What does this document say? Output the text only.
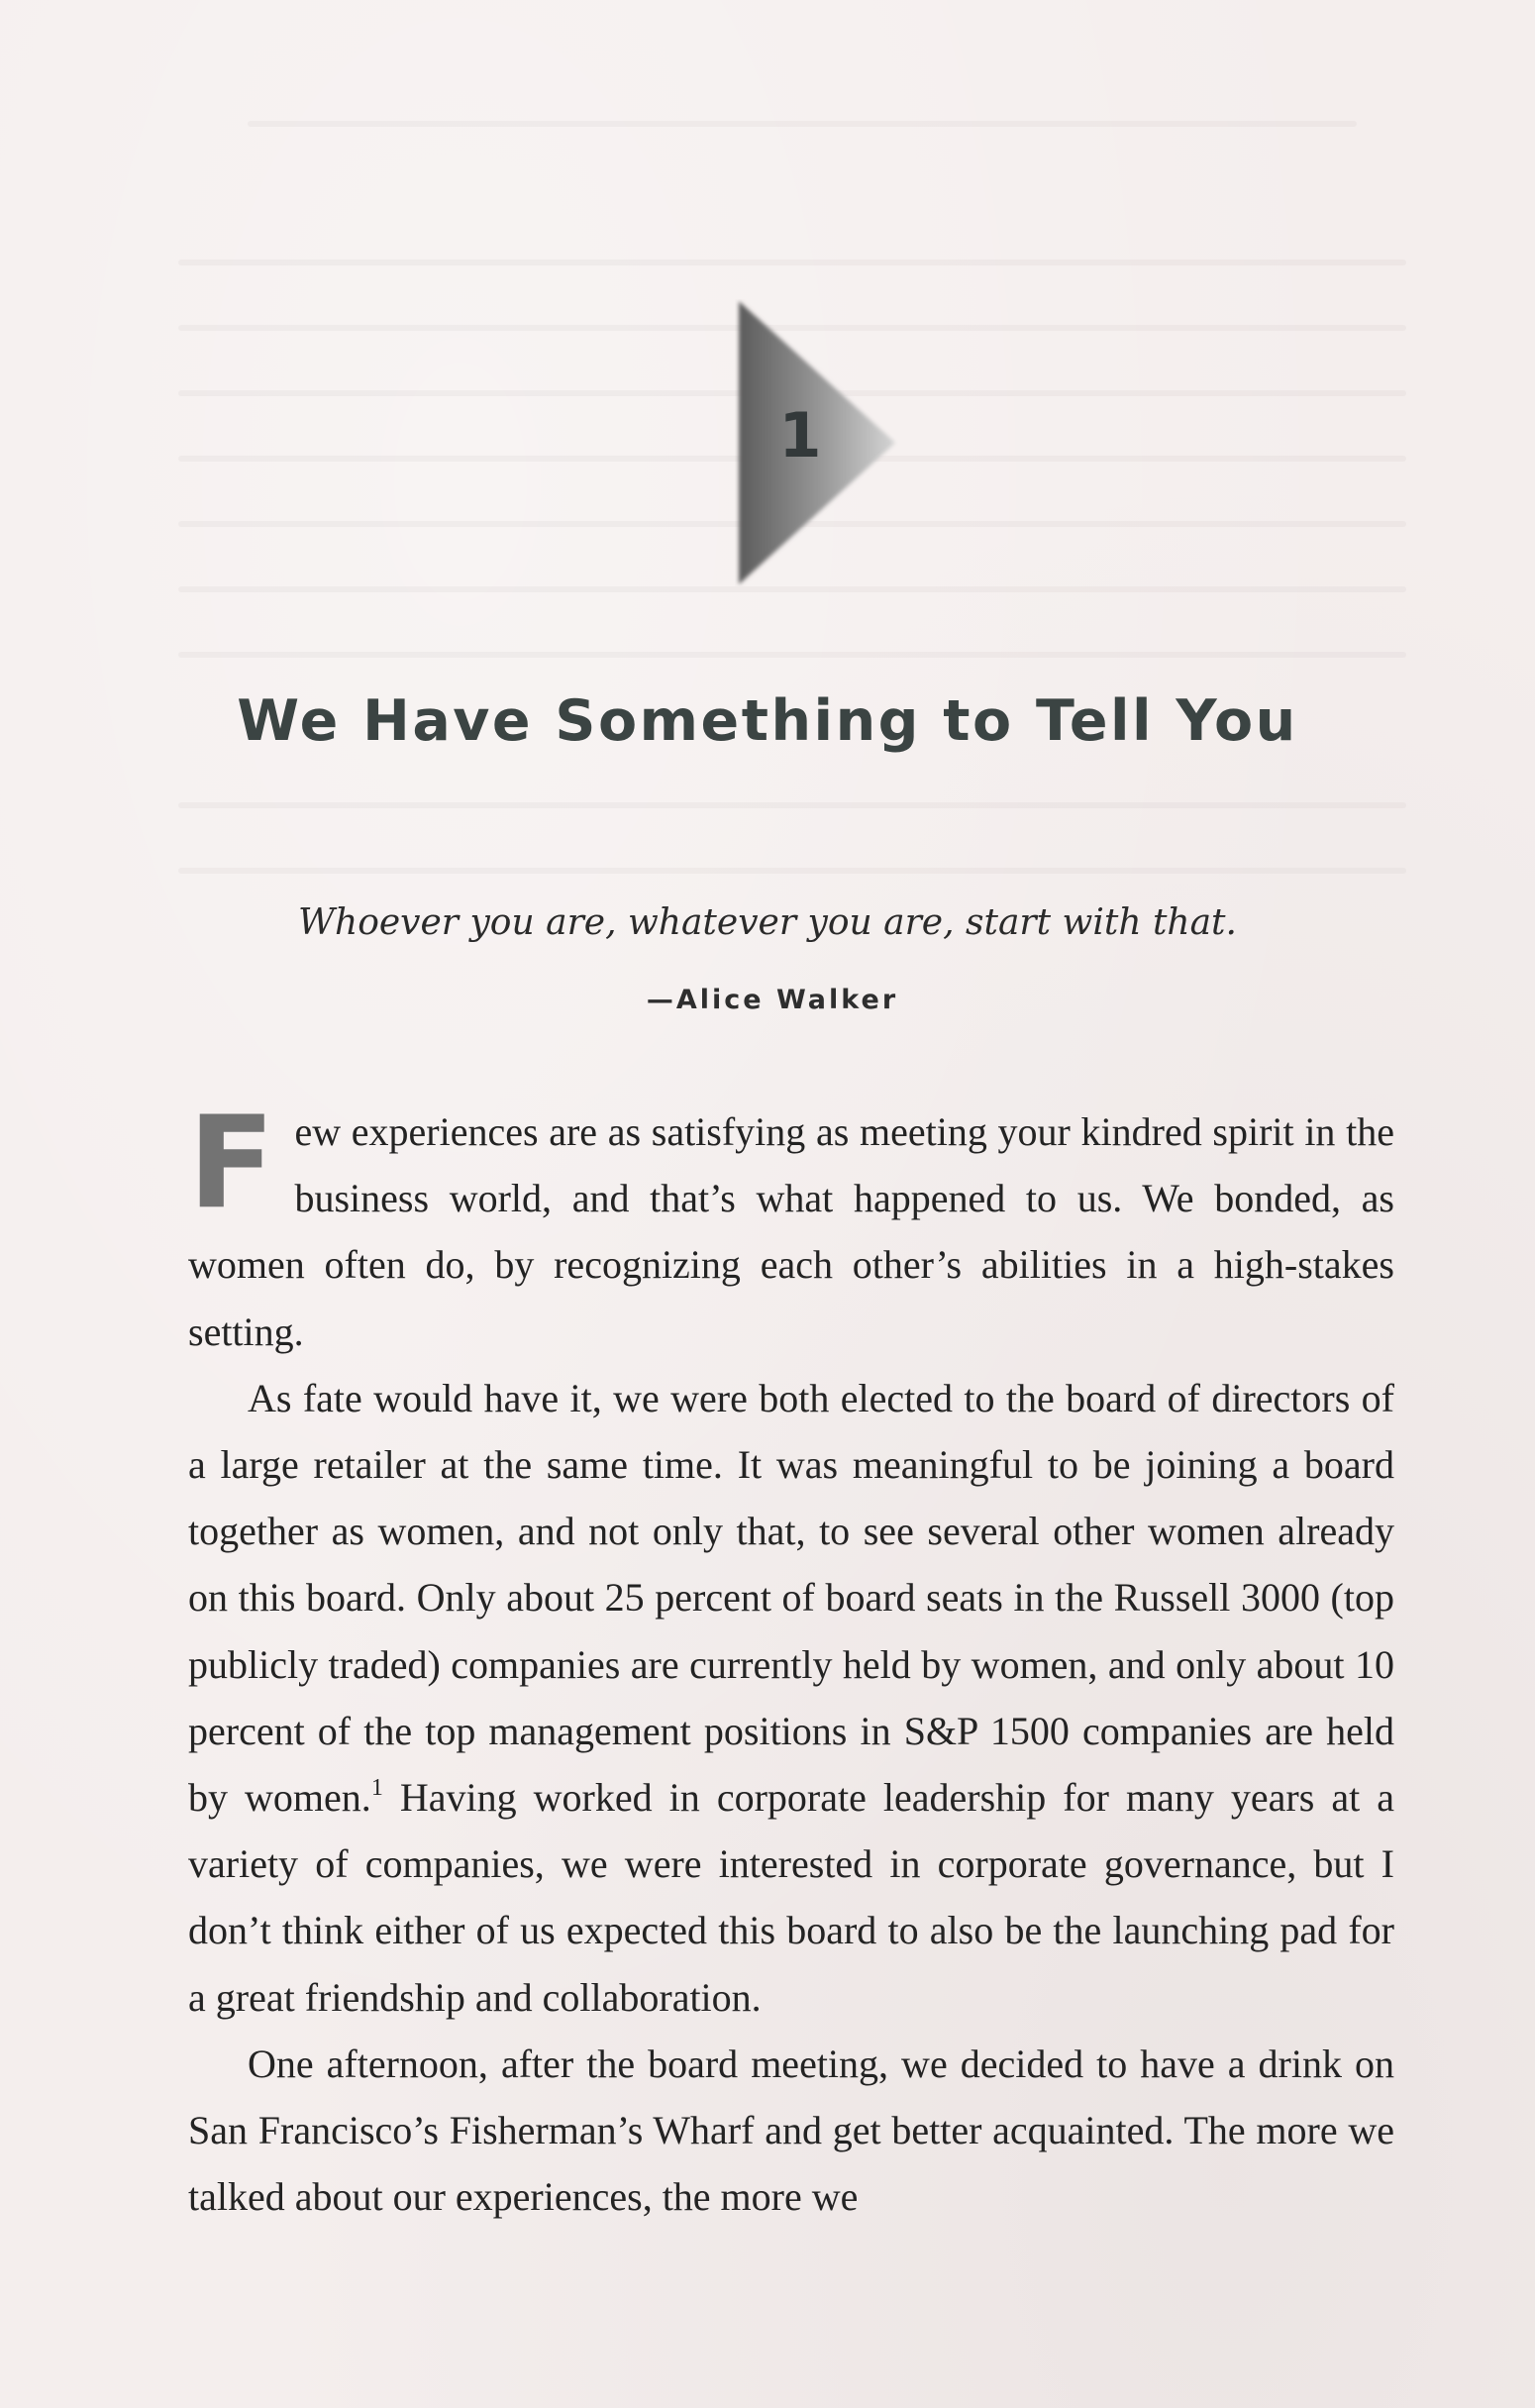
1
We Have Something to Tell You
Whoever you are, whatever you are, start with that.
—Alice Walker

Few experiences are as satisfying as meeting your kindred spirit in the business world, and that’s what happened to us. We bonded, as women often do, by recognizing each other’s abilities in a high-stakes setting.

As fate would have it, we were both elected to the board of directors of a large retailer at the same time. It was meaningful to be joining a board together as women, and not only that, to see several other women already on this board. Only about 25 percent of board seats in the Russell 3000 (top publicly traded) companies are currently held by women, and only about 10 percent of the top management positions in S&P 1500 companies are held by women.$^1$ Having worked in corporate leadership for many years at a variety of companies, we were interested in corporate governance, but I don’t think either of us expected this board to also be the launching pad for a great friendship and collaboration.

One afternoon, after the board meeting, we decided to have a drink on San Francisco’s Fisherman’s Wharf and get better acquainted. The more we talked about our experiences, the more we
